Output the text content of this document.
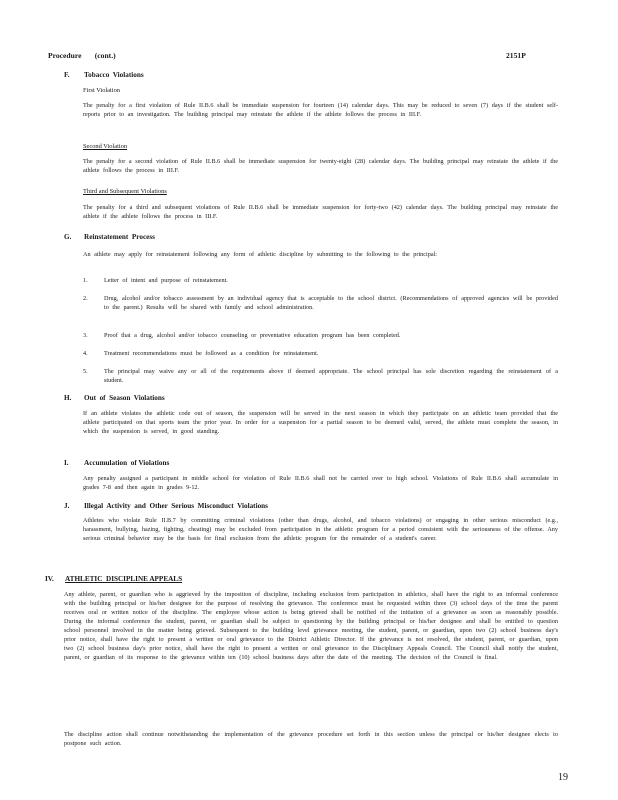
Procedure       (cont.)	2151P
F. Tobacco  Violations
First Violation
The penalty for a first violation of Rule II.B.6 shall be immediate suspension for fourteen (14) calendar days. This may be reduced to seven (7) days if the student self-reports prior to an investigation. The building principal may reinstate the athlete if the athlete follows the process in III.F.
Second Violation
The penalty for a second violation of Rule II.B.6 shall be immediate suspension for twenty-eight (28) calendar days. The building principal may reinstate the athlete if the athlete follows the process in III.F.
Third and Subsequent Violations
The penalty for a third and subsequent violations of Rule II.B.6 shall be immediate suspension for forty-two (42) calendar days. The building principal may reinstate the athlete if the athlete follows the process in III.F.
G. Reinstatement  Process
An athlete may apply for reinstatement following any form of athletic discipline by submitting to the following to the principal:
1.	Letter of intent and purpose of reinstatement.
2.	Drug, alcohol and/or tobacco assessment by an individual agency that is acceptable to the school district. (Recommendations of approved agencies will be provided to the parent.) Results will be shared with family and school administration.
3.	Proof that a drug, alcohol and/or tobacco counseling or preventative education program has been completed.
4.	Treatment recommendations must be followed as a condition for reinstatement.
5.	The principal may waive any or all of the requirements above if deemed appropriate. The school principal has sole discretion regarding the reinstatement of a student.
H. Out  of  Season  Violations
If an athlete violates the athletic code out of season, the suspension will be served in the next season in which they participate on an athletic team provided that the athlete participated on that sports team the prior year. In order for a suspension for a partial season to be deemed valid, served, the athlete must complete the season, in which the suspension is served, in good standing.
I. Accumulation  of Violations
Any penalty assigned a participant in middle school for violation of Rule II.B.6 shall not be carried over to high school. Violations of Rule II.B.6 shall accumulate in grades 7-8 and then again in grades 9-12.
J. Illegal  Activity  and  Other  Serious  Misconduct  Violations
Athletes who violate Rule II.B.7 by committing criminal violations (other than drugs, alcohol, and tobacco violations) or engaging in other serious misconduct (e.g., harassment, bullying, hazing, fighting, cheating) may be excluded from participation in the athletic program for a period consistent with the seriousness of the offense. Any serious criminal behavior may be the basis for final exclusion from the athletic program for the remainder of a student's career.
IV. ATHLETIC  DISCIPLINE APPEALS
Any athlete, parent, or guardian who is aggrieved by the imposition of discipline, including exclusion from participation in athletics, shall have the right to an informal conference with the building principal or his/her designee for the purpose of resolving the grievance. The conference must be requested within three (3) school days of the time the parent receives oral or written notice of the discipline. The employee whose action is being grieved shall be notified of the initiation of a grievance as soon as reasonably possible. During the informal conference the student, parent, or guardian shall be subject to questioning by the building principal or his/her designee and shall be entitled to question school personnel involved in the matter being grieved. Subsequent to the building level grievance meeting, the student, parent, or guardian, upon two (2) school business day's prior notice, shall have the right to present a written or oral grievance to the District Athletic Director. If the grievance is not resolved, the student, parent, or guardian, upon two (2) school business day's prior notice, shall have the right to present a written or oral grievance to the Disciplinary Appeals Council. The Council shall notify the student, parent, or guardian of its response to the grievance within ten (10) school business days after the date of the meeting. The decision of the Council is final.
The discipline action shall continue notwithstanding the implementation of the grievance procedure set forth in this section unless the principal or his/her designee elects to postpone such action.
19
